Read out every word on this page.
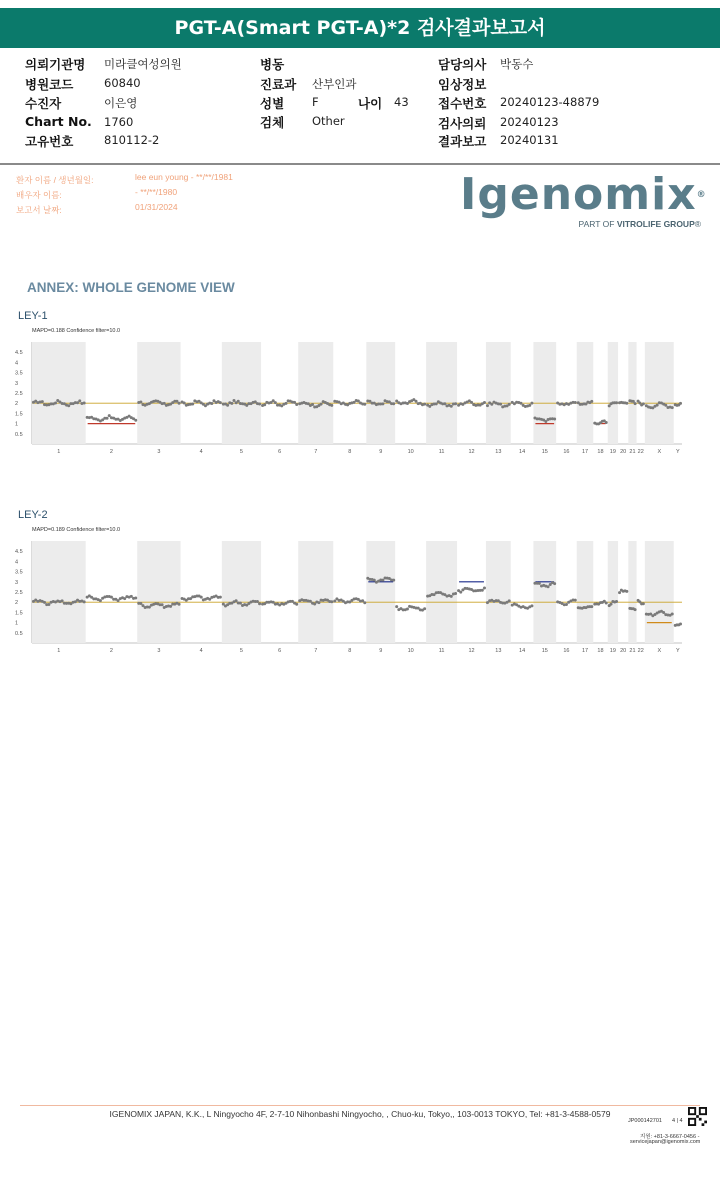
PGT-A(Smart PGT-A)*2 검사결과보고서
의뢰기관명 미라클여성의원
병원코드	60840
수진자	이은영
Chart No. 1760
고유번호	810112-2
병동
진료과 산부인과
성별 F	나이 43
검체 Other
담당의사 박동수
임상정보
접수번호 20240123-48879
검사의뢰 20240123
결과보고 20240131
환자 이름 / 생년월일:	lee eun young - **/**/1981
배우자 이름:	- **/**/1980
보고서 날짜:	01/31/2024	Igenomix®
PART OF VITROLIFE GROUP®
ANNEX: WHOLE GENOME VIEW
LEY-1
MAPD=0.188 Confidence filter=10.0
4.5
4
3.5
3
2.5
2
1.5
1
0.5
1	2	3	4	5	6	7	8	9	10	11	12	13	14	15	16 17 18 19 20 21 22 X	Y
LEY-2
MAPD=0.189 Confidence filter=10.0
4.5
4
3.5
3
2.5
2
1.5
1
0.5
1	2	3	4	5	6	7	8	9	10	11	12	13	14	15	16 17 18 19 20 21 22 X	Y
IGENOMIX JAPAN, K.K., L Ningyocho 4F, 2-7-10 Nihonbashi Ningyocho, , Chuo-ku, Tokyo,, 103-0013 TOKYO, Tel: +81-3-4588-0579
JP000142701 4 | 4
지원: +81-3-6667-0456 -
servicejapan@igenomix.com
